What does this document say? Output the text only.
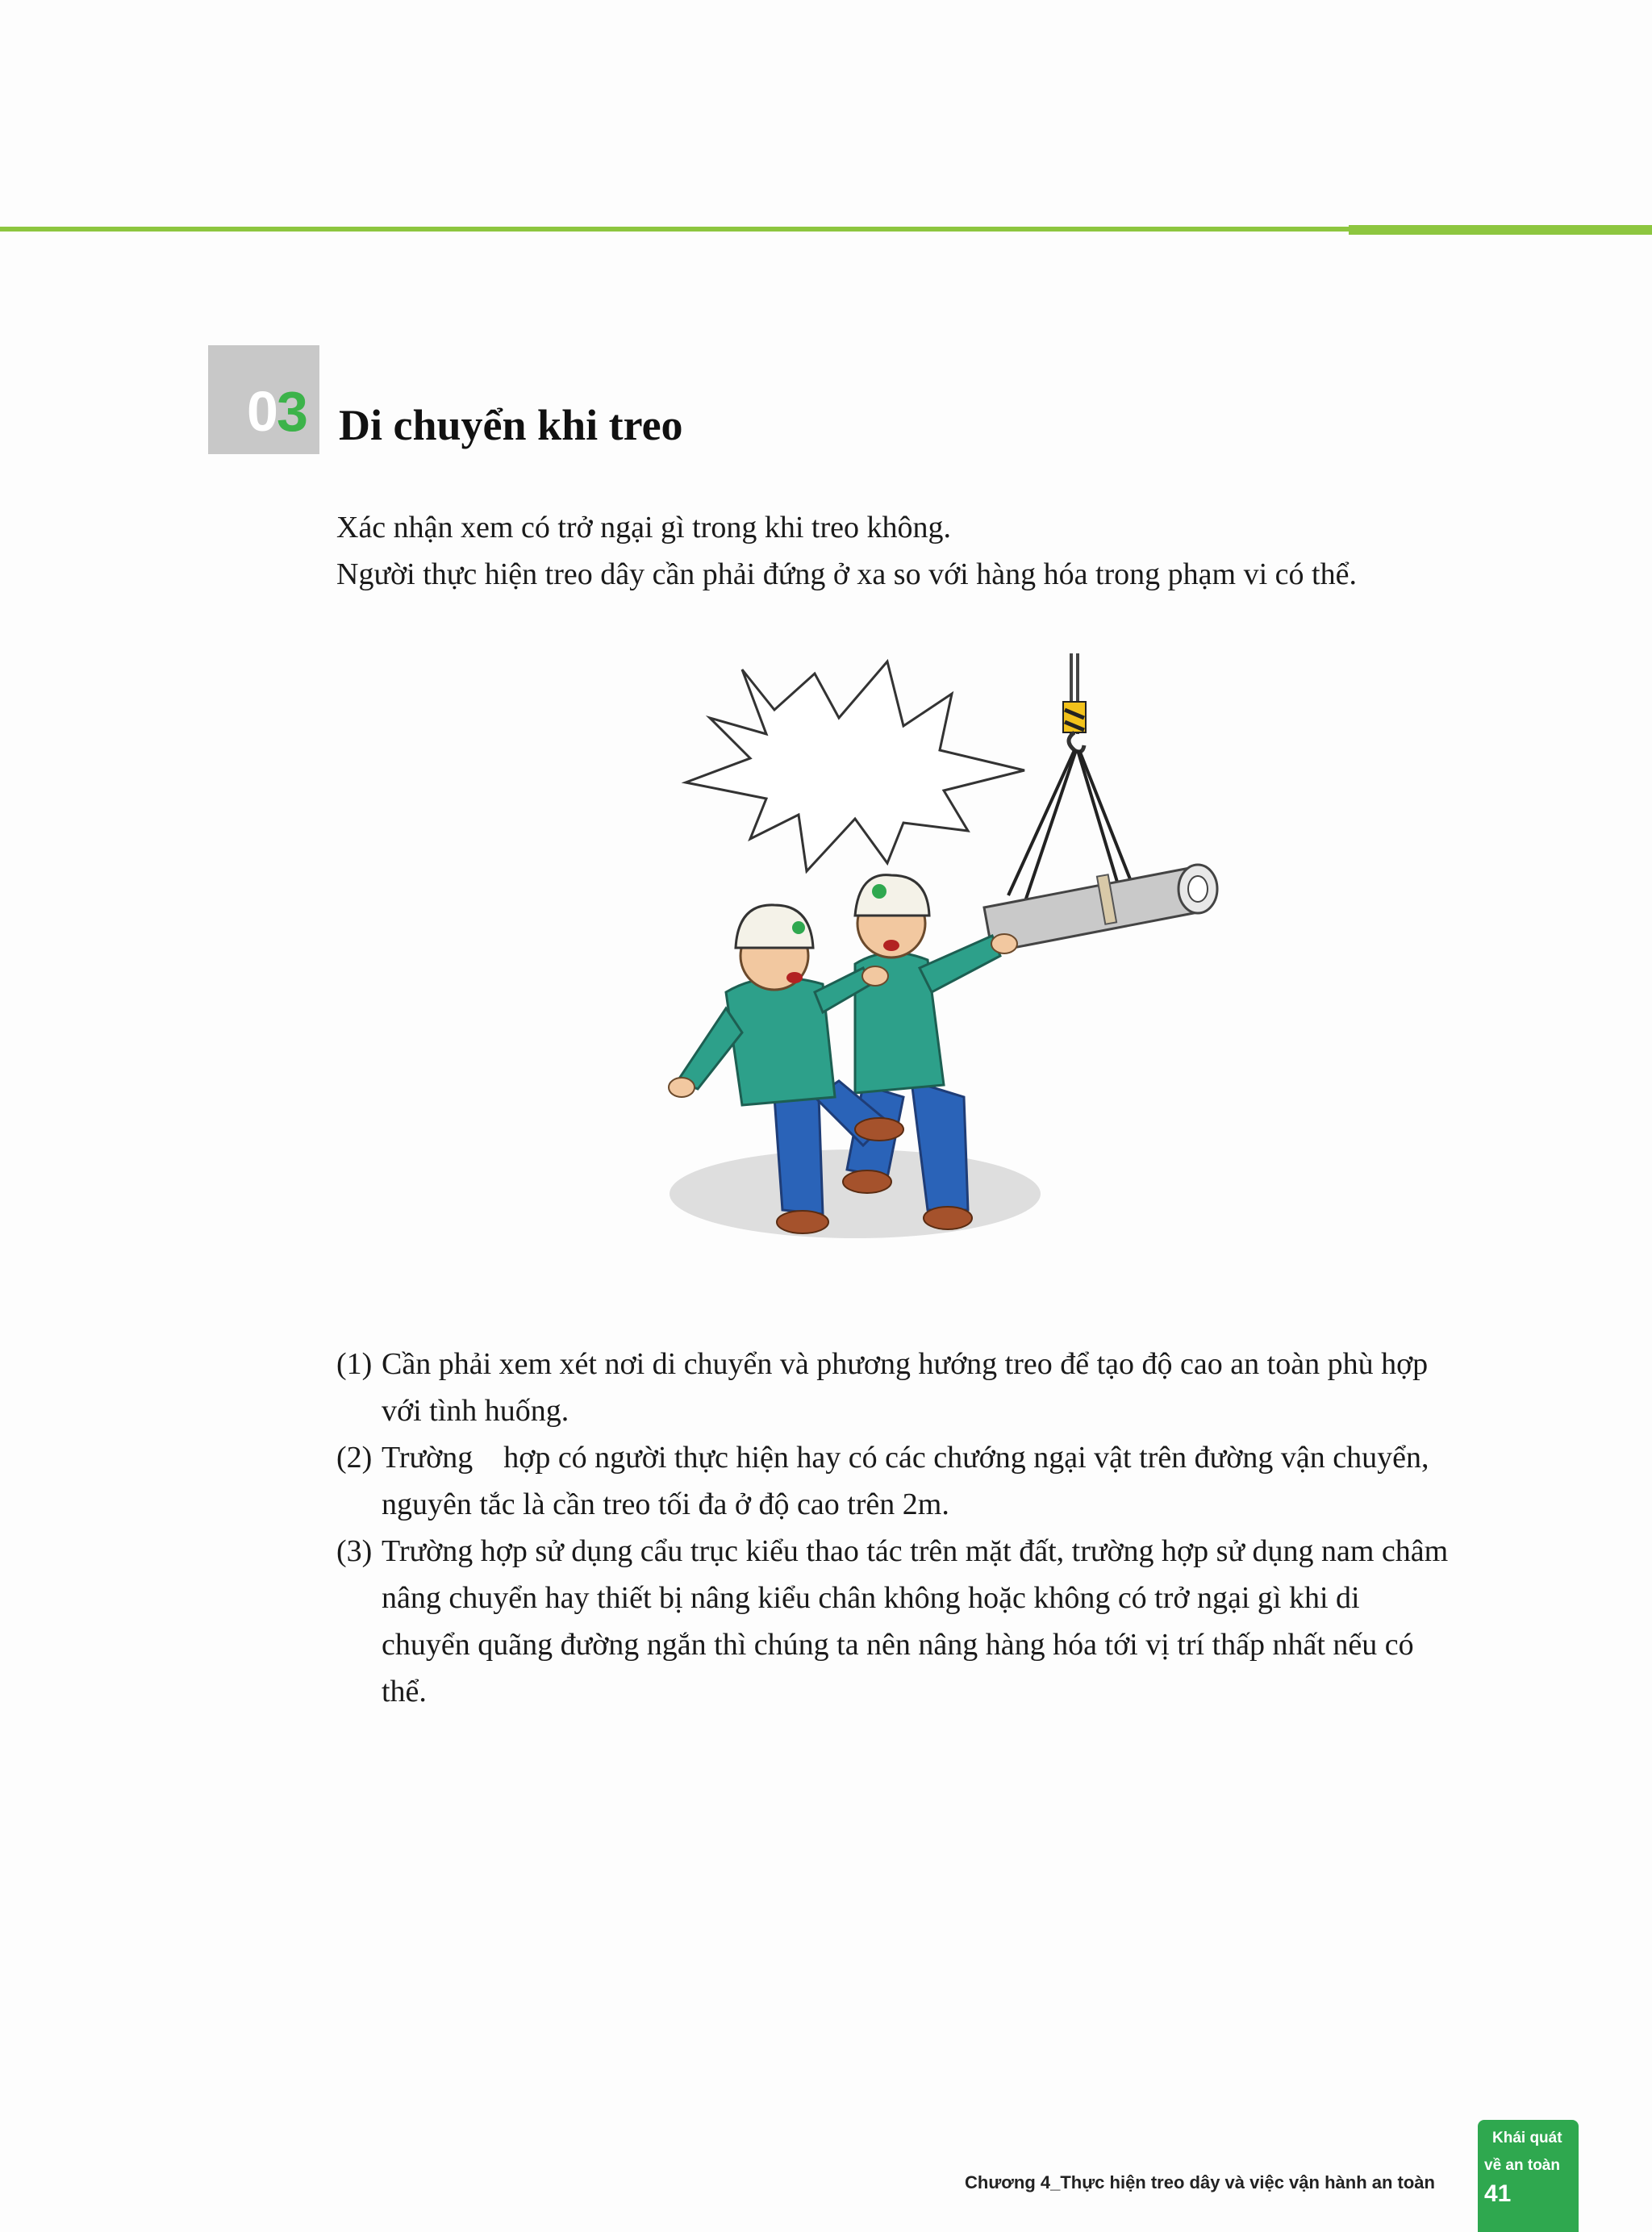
03 Di chuyển khi treo

Xác nhận xem có trở ngại gì trong khi treo không.

Người thực hiện treo dây cần phải đứng ở xa so với hàng hóa trong phạm vi có thể.

(1) Cần phải xem xét nơi di chuyển và phương hướng treo để tạo độ cao an toàn phù hợp
với tình huống.
(2) Trường    hợp có người thực hiện hay có các chướng ngại vật trên đường vận chuyển,
nguyên tắc là cần treo tối đa ở độ cao trên 2m.
(3) Trường hợp sử dụng cẩu trục kiểu thao tác trên mặt đất, trường hợp sử dụng nam châm
nâng chuyển hay thiết bị nâng kiểu chân không hoặc không có trở ngại gì khi di
chuyển quãng đường ngắn thì chúng ta nên nâng hàng hóa tới vị trí thấp nhất nếu có
thể.
Chương 4_Thực hiện treo dây và việc vận hành an toàn
Khái quát
về an toàn
41
